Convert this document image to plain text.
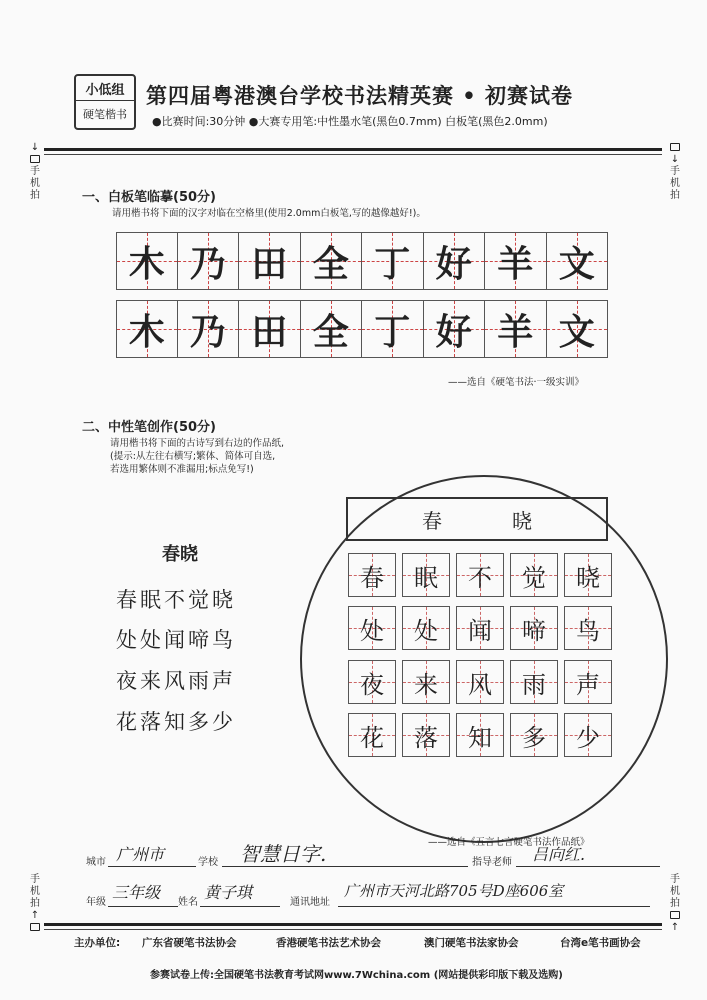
小低组
硬笔楷书
第四届粤港澳台学校书法精英赛 • 初赛试卷
●比赛时间:30分钟 ●大赛专用笔:中性墨水笔(黑色0.7mm) 白板笔(黑色2.0mm)
↓
手
机
拍
↓
手
机
拍
手
机
拍
↑
手
机
拍
↑
一、白板笔临摹(50分)
请用楷书将下面的汉字对临在空格里(使用2.0mm白板笔,写的越像越好!)。
木 乃 田 全 丁 好 羊 文
木 乃 田 全 丁 好 羊 文
——选自《硬笔书法·一级实训》
二、中性笔创作(50分)
请用楷书将下面的古诗写到右边的作品纸,
(提示:从左往右横写;繁体、简体可自选,
若选用繁体则不准漏用;标点免写!)
春晓
春眠不觉晓
处处闻啼鸟
夜来风雨声
花落知多少
春晓
春 眠 不 觉 晓
处 处 闻 啼 鸟
夜 来 风 雨 声
花 落 知 多 少
——选自《五言七言硬笔书法作品纸》
城市 广州市	学校	智慧日字.	指导老师	吕向红.
年级
三年级
姓名
黄子琪
通讯地址
广州市天河北路705号D座606室
主办单位: 广东省硬笔书法协会	香港硬笔书法艺术协会	澳门硬笔书法家协会	台湾e笔书画协会
参赛试卷上传:全国硬笔书法教育考试网www.7Wchina.com (网站提供彩印版下载及选购)
